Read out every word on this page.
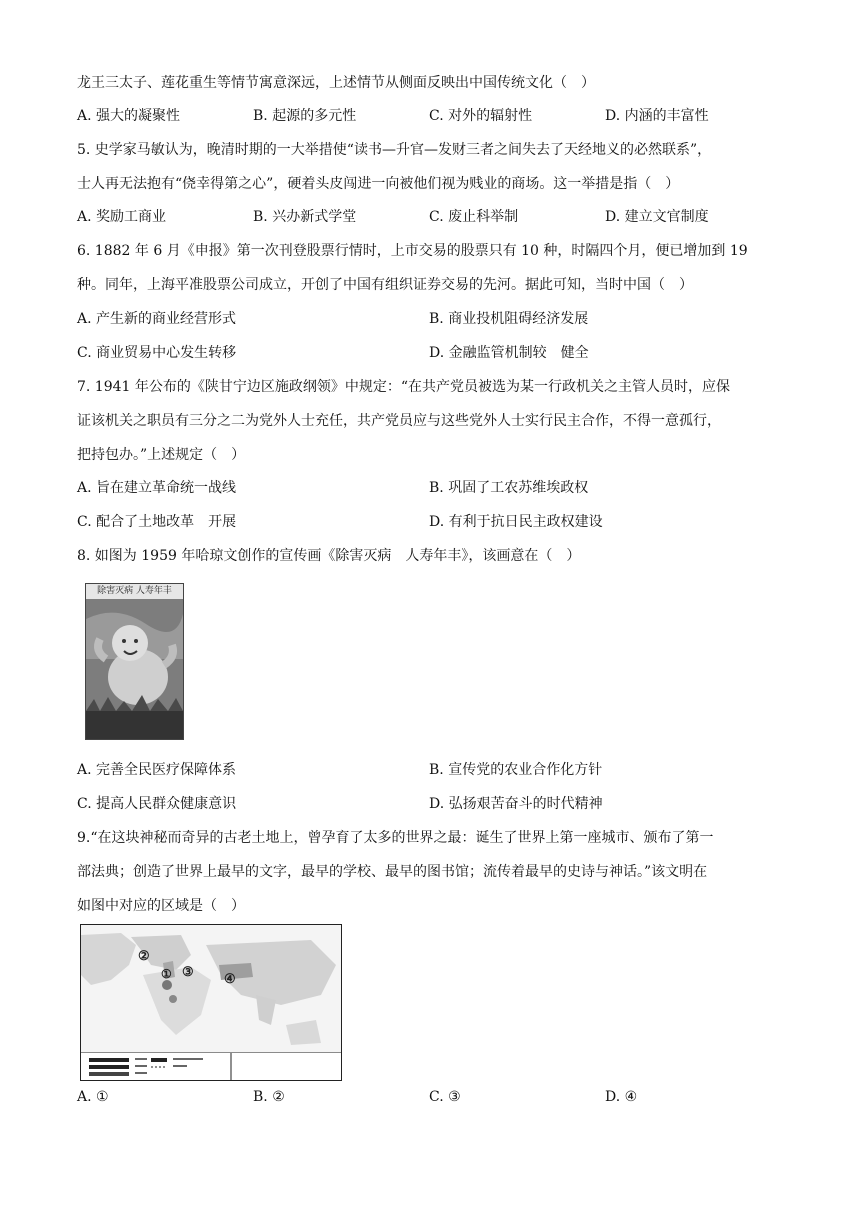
龙王三太子、莲花重生等情节寓意深远，上述情节从侧面反映出中国传统文化（　）
A. 强大的凝聚性	B. 起源的多元性	C. 对外的辐射性	D. 内涵的丰富性
5. 史学家马敏认为，晚清时期的一大举措使“读书—升官—发财三者之间失去了天经地义的必然联系”，
士人再无法抱有“侥幸得第之心”，硬着头皮闯进一向被他们视为贱业的商场。这一举措是指（　）
A. 奖励工商业	B. 兴办新式学堂	C. 废止科举制	D. 建立文官制度
6. 1882 年 6 月《申报》第一次刊登股票行情时，上市交易的股票只有 10 种，时隔四个月，便已增加到 19
种。同年，上海平准股票公司成立，开创了中国有组织证券交易的先河。据此可知，当时中国（　）
A. 产生新的商业经营形式	B. 商业投机阻碍经济发展
C. 商业贸易中心发生转移	D. 金融监管机制较　健全
7. 1941 年公布的《陕甘宁边区施政纲领》中规定：“在共产党员被选为某一行政机关之主管人员时，应保
证该机关之职员有三分之二为党外人士充任，共产党员应与这些党外人士实行民主合作，不得一意孤行，
把持包办。”上述规定（　）
A. 旨在建立革命统一战线	B. 巩固了工农苏维埃政权
C. 配合了土地改革　开展	D. 有利于抗日民主政权建设
8. 如图为 1959 年哈琼文创作的宣传画《除害灭病　人寿年丰》，该画意在（　）
除害灭病 人寿年丰
A. 完善全民医疗保障体系	B. 宣传党的农业合作化方针
C. 提高人民群众健康意识	D. 弘扬艰苦奋斗的时代精神
9.“在这块神秘而奇异的古老土地上，曾孕育了太多的世界之最：诞生了世界上第一座城市、颁布了第一
部法典；创造了世界上最早的文字，最早的学校、最早的图书馆；流传着最早的史诗与神话。”该文明在
如图中对应的区域是（　）
①
②
③ ④
A. ①	B. ②	C. ③	D. ④
